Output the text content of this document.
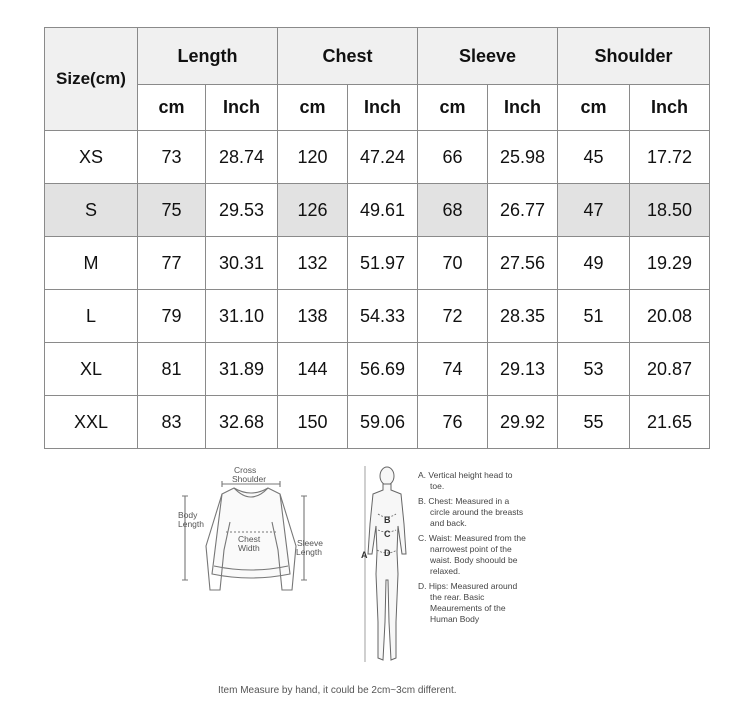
Size(cm)	Length		Chest		Sleeve		Shoulder	
	cm	Inch	cm	Inch	cm	Inch	cm	Inch
XS	73	28.74	120	47.24	66	25.98	45	17.72
S	75	29.53	126	49.61	68	26.77	47	18.50
M	77	30.31	132	51.97	70	27.56	49	19.29
L	79	31.10	138	54.33	72	28.35	51	20.08
XL	81	31.89	144	56.69	74	29.13	53	20.87
XXL	83	32.68	150	59.06	76	29.92	55	21.65
Cross
Shoulder
Body
Length
Chest
Width	Sleeve
Length	A
B
C
D
A. Vertical height head to toe.
B. Chest: Measured in a circle around the breasts and back.
C. Waist: Measured from the narrowest point of the waist. Body shoould be relaxed.
D. Hips: Measured around the rear. Basic Meaurements of the Human Body
Item Measure by hand, it could be 2cm~3cm different.
